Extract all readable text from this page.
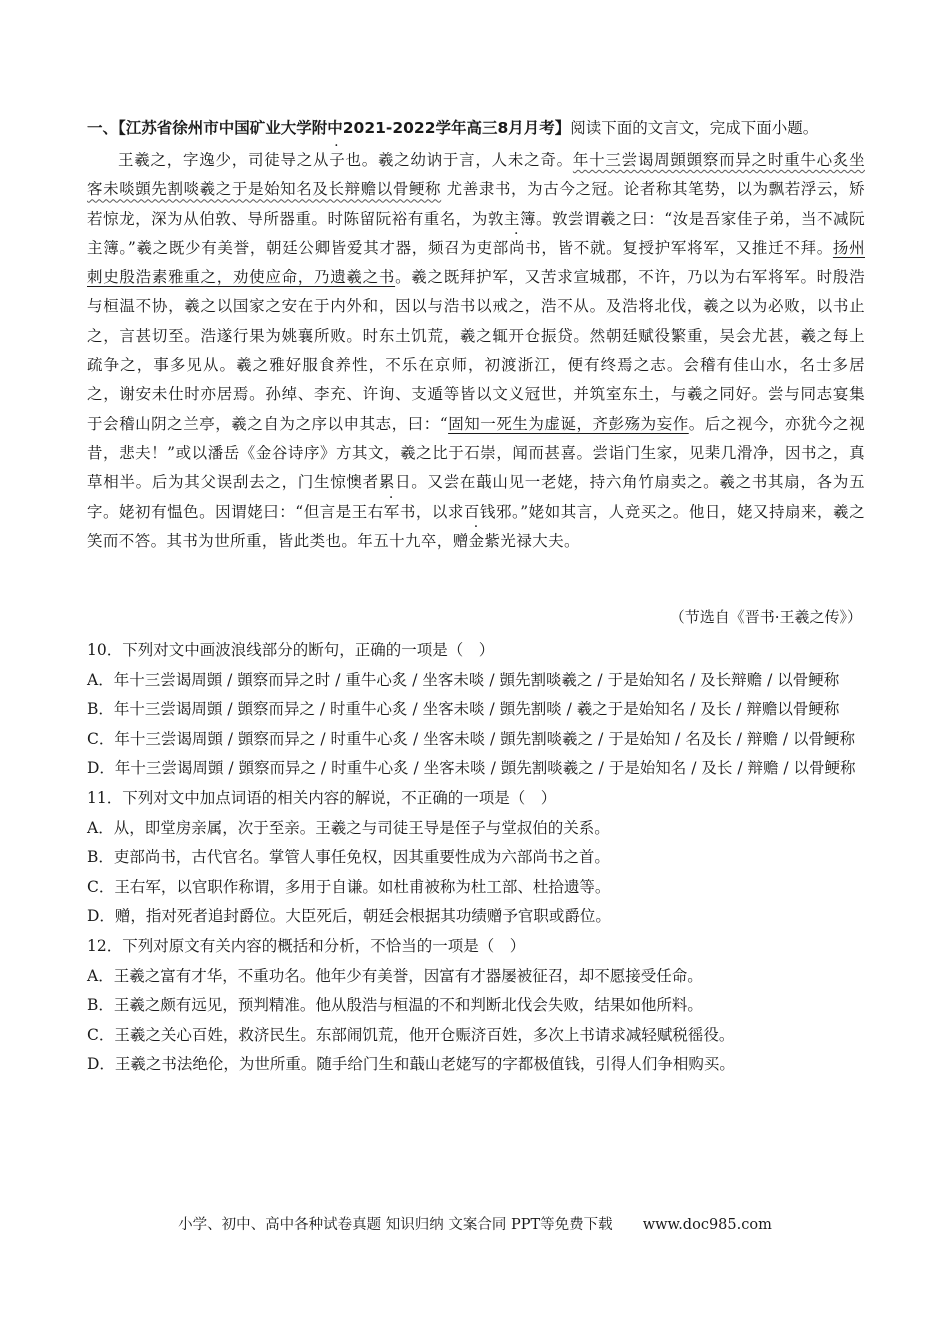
一、【江苏省徐州市中国矿业大学附中2021-2022学年高三8月月考】阅读下面的文言文，完成下面小题。

王羲之，字逸少，司徒导之从子也。羲之幼讷于言，人未之奇。年十三尝谒周顗顗察而异之时重牛心炙坐客未啖顗先割啖羲之于是始知名及长辩赡以骨鲠称 尤善隶书，为古今之冠。论者称其笔势，以为飘若浮云，矫若惊龙，深为从伯敦、导所器重。时陈留阮裕有重名，为敦主簿。敦尝谓羲之曰：“汝是吾家佳子弟，当不减阮主簿。”羲之既少有美誉，朝廷公卿皆爱其才器，频召为吏部尚书，皆不就。复授护军将军，又推迁不拜。扬州刺史殷浩素雅重之，劝使应命，乃遗羲之书。羲之既拜护军，又苦求宣城郡，不许，乃以为右军将军。时殷浩与桓温不协，羲之以国家之安在于内外和，因以与浩书以戒之，浩不从。及浩将北伐，羲之以为必败，以书止之，言甚切至。浩遂行果为姚襄所败。时东土饥荒，羲之辄开仓振贷。然朝廷赋役繁重，吴会尤甚，羲之每上疏争之，事多见从。羲之雅好服食养性，不乐在京师，初渡浙江，便有终焉之志。会稽有佳山水，名士多居之，谢安未仕时亦居焉。孙绰、李充、许询、支遁等皆以文义冠世，并筑室东土，与羲之同好。尝与同志宴集于会稽山阴之兰亭，羲之自为之序以申其志，曰：“固知一死生为虚诞，齐彭殇为妄作。后之视今，亦犹今之视昔，悲夫！”或以潘岳《金谷诗序》方其文，羲之比于石崇，闻而甚喜。尝诣门生家，见棐几滑净，因书之，真草相半。后为其父误刮去之，门生惊懊者累日。又尝在蕺山见一老姥，持六角竹扇卖之。羲之书其扇，各为五字。姥初有愠色。因谓姥曰：“但言是王右军书，以求百钱邪。”姥如其言，人竞买之。他日，姥又持扇来，羲之笑而不答。其书为世所重，皆此类也。年五十九卒，赠金紫光禄大夫。

（节选自《晋书·王羲之传》）
10．下列对文中画波浪线部分的断句，正确的一项是（　）
A．年十三尝谒周顗 / 顗察而异之时 / 重牛心炙 / 坐客未啖 / 顗先割啖羲之 / 于是始知名 / 及长辩赡 / 以骨鲠称
B．年十三尝谒周顗 / 顗察而异之 / 时重牛心炙 / 坐客未啖 / 顗先割啖 / 羲之于是始知名 / 及长 / 辩赡以骨鲠称
C．年十三尝谒周顗 / 顗察而异之 / 时重牛心炙 / 坐客未啖 / 顗先割啖羲之 / 于是始知 / 名及长 / 辩赡 / 以骨鲠称
D．年十三尝谒周顗 / 顗察而异之 / 时重牛心炙 / 坐客未啖 / 顗先割啖羲之 / 于是始知名 / 及长 / 辩赡 / 以骨鲠称
11．下列对文中加点词语的相关内容的解说，不正确的一项是（　）
A．从，即堂房亲属，次于至亲。王羲之与司徒王导是侄子与堂叔伯的关系。
B．吏部尚书，古代官名。掌管人事任免权，因其重要性成为六部尚书之首。
C．王右军，以官职作称谓，多用于自谦。如杜甫被称为杜工部、杜拾遗等。
D．赠，指对死者追封爵位。大臣死后，朝廷会根据其功绩赠予官职或爵位。
12．下列对原文有关内容的概括和分析，不恰当的一项是（　）
A．王羲之富有才华，不重功名。他年少有美誉，因富有才器屡被征召，却不愿接受任命。
B．王羲之颇有远见，预判精准。他从殷浩与桓温的不和判断北伐会失败，结果如他所料。
C．王羲之关心百姓，救济民生。东部闹饥荒，他开仓赈济百姓，多次上书请求减轻赋税徭役。
D．王羲之书法绝伦，为世所重。随手给门生和蕺山老姥写的字都极值钱，引得人们争相购买。
小学、初中、高中各种试卷真题 知识归纳 文案合同 PPT等免费下载 www.doc985.com
